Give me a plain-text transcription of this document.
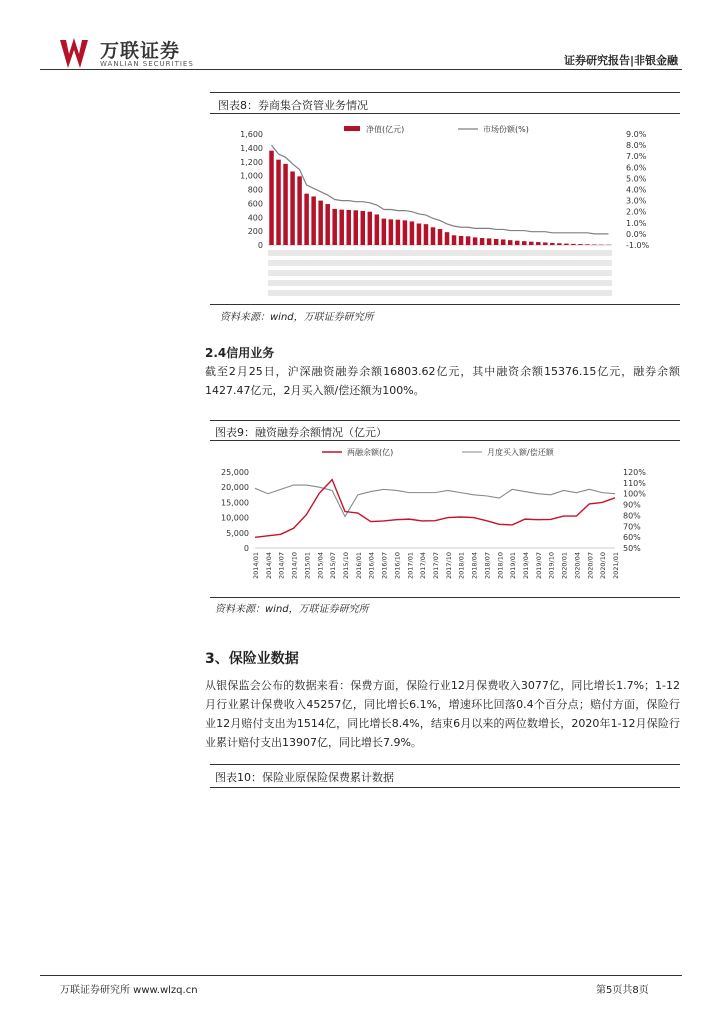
万联证券
WANLIAN SECURITIES	证券研究报告|非银金融
图表8：券商集合资管业务情况
1,600
1,400
1,200
1,000
800
600
400
200
0
9.0%
8.0%
7.0%
6.0%
5.0%
4.0%
3.0%
2.0%
1.0%
0.0%
-1.0%
净值(亿元)	市场份额(%)
资料来源：wind，万联证券研究所
2.4信用业务
截至2月25日，沪深融资融券余额16803.62亿元，其中融资余额15376.15亿元，融券余额1427.47亿元，2月买入额/偿还额为100%。
图表9：融资融券余额情况（亿元）
25,000
20,000
15,000
10,000
5,000
0
120%
110%
100%
90%
80%
70%
60%
50%
2014/01 2014/04 2014/07 2014/10 2015/01 2015/04 2015/07 2015/10 2016/01 2016/04 2016/07 2016/10 2017/01 2017/04 2017/07 2017/10 2018/01 2018/04 2018/07 2018/10 2019/01 2019/04 2019/07 2019/10 2020/01 2020/04 2020/07 2020/10 2021/01
两融余额(亿)	月度买入额/偿还额
资料来源：wind，万联证券研究所
3、保险业数据
从银保监会公布的数据来看：保费方面，保险行业12月保费收入3077亿，同比增长1.7%；1-12月行业累计保费收入45257亿，同比增长6.1%，增速环比回落0.4个百分点；赔付方面，保险行业12月赔付支出为1514亿，同比增长8.4%，结束6月以来的两位数增长，2020年1-12月保险行业累计赔付支出13907亿，同比增长7.9%。
图表10：保险业原保险保费累计数据
万联证券研究所 www.wlzq.cn	第5页共8页
